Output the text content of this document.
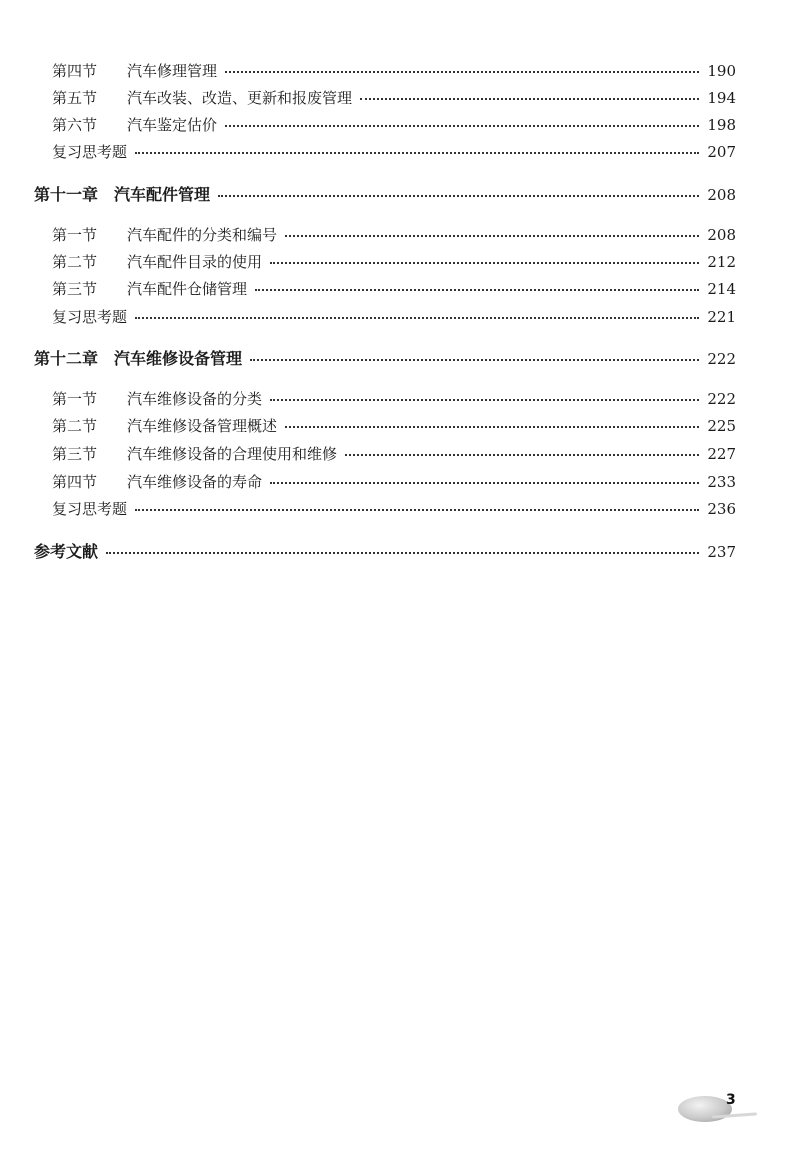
第四节 汽车修理管理	190
第五节 汽车改装、改造、更新和报废管理	194
第六节 汽车鉴定估价	198
复习思考题	207
第十一章　汽车配件管理	208
第一节 汽车配件的分类和编号	208
第二节 汽车配件目录的使用	212
第三节 汽车配件仓储管理	214
复习思考题	221
第十二章　汽车维修设备管理	222
第一节 汽车维修设备的分类	222
第二节 汽车维修设备管理概述	225
第三节 汽车维修设备的合理使用和维修	227
第四节 汽车维修设备的寿命	233
复习思考题	236
参考文献	237
3
